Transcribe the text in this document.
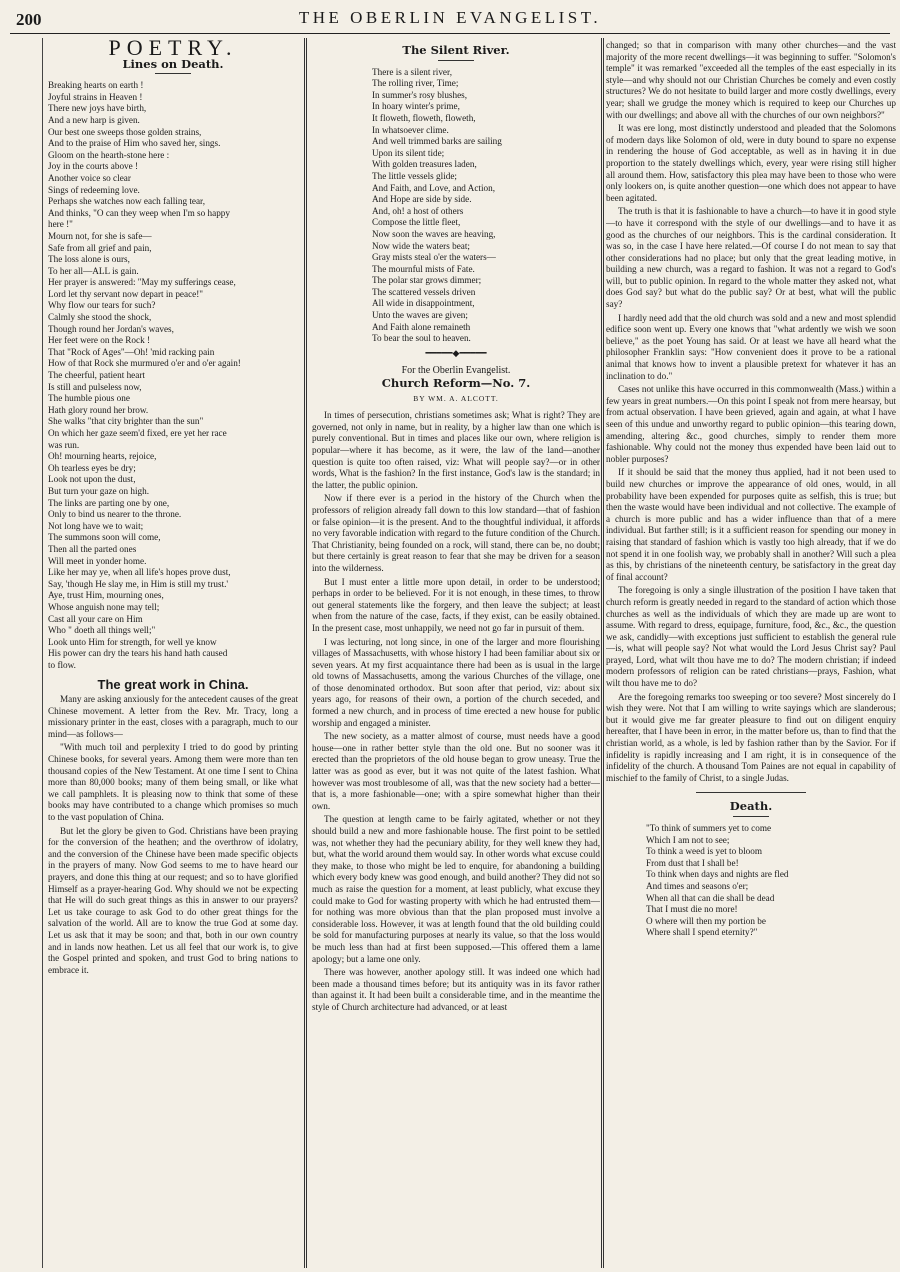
200	THE OBERLIN EVANGELIST.
POETRY.
Lines on Death.

Breaking hearts on earth !
Joyful strains in Heaven !
There new joys have birth,
And a new harp is given.
Our best one sweeps those golden strains,
And to the praise of Him who saved her, sings.

Gloom on the hearth-stone here :
Joy in the courts above !
Another voice so clear
Sings of redeeming love.
Perhaps she watches now each falling tear,
And thinks, "O can they weep when I'm so happy
here !"

Mourn not, for she is safe—
Safe from all grief and pain,
The loss alone is ours,
To her all—ALL is gain.
Her prayer is answered: "May my sufferings cease,
Lord let thy servant now depart in peace!"

Why flow our tears for such?
Calmly she stood the shock,
Though round her Jordan's waves,
Her feet were on the Rock !
That "Rock of Ages"—Oh! 'mid racking pain
How of that Rock she murmured o'er and o'er again!

The cheerful, patient heart
Is still and pulseless now,
The humble pious one
Hath glory round her brow.
She walks "that city brighter than the sun"
On which her gaze seem'd fixed, ere yet her race
was run.

Oh! mourning hearts, rejoice,
Oh tearless eyes be dry;
Look not upon the dust,
But turn your gaze on high.
The links are parting one by one,
Only to bind us nearer to the throne.

Not long have we to wait;
The summons soon will come,
Then all the parted ones
Will meet in yonder home.
Like her may ye, when all life's hopes prove dust,
Say, 'though He slay me, in Him is still my trust.'

Aye, trust Him, mourning ones,
Whose anguish none may tell;
Cast all your care on Him
Who " doeth all things well;"
Look unto Him for strength, for well ye know
His power can dry the tears his hand hath caused
to flow.

The great work in China.

Many are asking anxiously for the antecedent causes of the great Chinese movement. A letter from the Rev. Mr. Tracy, long a missionary printer in the east, closes with a paragraph, much to our mind—as follows—

"With much toil and perplexity I tried to do good by printing Chinese books, for several years. Among them were more than ten thousand copies of the New Testament. At one time I sent to China more than 80,000 books; many of them being small, or like what we call pamphlets. It is pleasing now to think that some of these books may have contributed to a change which promises so much to the vast population of China.

But let the glory be given to God. Christians have been praying for the conversion of the heathen; and the overthrow of idolatry, and the conversion of the Chinese have been made specific objects in the prayers of many. Now God seems to me to have heard our prayers, and done this thing at our request; and so to have glorified Himself as a prayer-hearing God. Why should we not be expecting that He will do such great things as this in answer to our prayers? Let us take courage to ask God to do other great things for the salvation of the world. All are to know the true God at some day. Let us ask that it may be soon; and that, both in our own country and in lands now heathen. Let us all feel that our work is, to give the Gospel printed and spoken, and trust God to bring nations to embrace it.

The Silent River.

There is a silent river,
The rolling river, Time;
In summer's rosy blushes,
In hoary winter's prime,
It floweth, floweth, floweth,
In whatsoever clime.

And well trimmed barks are sailing
Upon its silent tide;
With golden treasures laden,
The little vessels glide;
And Faith, and Love, and Action,
And Hope are side by side.

And, oh! a host of others
Compose the little fleet,
Now soon the waves are heaving,
Now wide the waters beat;
Gray mists steal o'er the waters—
The mournful mists of Fate.

The polar star grows dimmer;
The scattered vessels driven
All wide in disappointment,
Unto the waves are given;
And Faith alone remaineth
To bear the soul to heaven.

━━━━━◆━━━━━
For the Oberlin Evangelist.
Church Reform—No. 7.
BY WM. A. ALCOTT.

In times of persecution, christians sometimes ask; What is right? They are governed, not only in name, but in reality, by a higher law than one which is purely conventional. But in times and places like our own, where religion is popular—where it has become, as it were, the law of the land—another question is quite too often raised, viz: What will people say?—or in other words, What is the fashion? In the first instance, God's law is the standard; in the latter, the public opinion.

Now if there ever is a period in the history of the Church when the professors of religion already fall down to this low standard—that of fashion or false opinion—it is the present. And to the thoughtful individual, it affords no very favorable indication with regard to the future condition of the Church. That Christianity, being founded on a rock, will stand, there can be, no doubt; but there certainly is great reason to fear that she may be driven for a season into the wilderness.

But I must enter a little more upon detail, in order to be understood; perhaps in order to be believed. For it is not enough, in these times, to throw out general statements like the forgery, and then leave the subject; at least when from the nature of the case, facts, if they exist, can be easily obtained. In the present case, most unhappily, we need not go far in pursuit of them.

I was lecturing, not long since, in one of the larger and more flourishing villages of Massachusetts, with whose history I had been familiar about six or seven years. At my first acquaintance there had been as is usual in the large old towns of Massachusetts, among the various Churches of the village, one of those denominated orthodox. But soon after that period, viz: about six years ago, for reasons of their own, a portion of the church seceded, and formed a new church, and in process of time erected a new house for public worship and engaged a minister.

The new society, as a matter almost of course, must needs have a good house—one in rather better style than the old one. But no sooner was it erected than the proprietors of the old house began to grow uneasy. True the latter was as good as ever, but it was not quite of the latest fashion. What however was most troublesome of all, was that the new society had a better—that is, a more fashionable—one; with a spire somewhat higher than their own.

The question at length came to be fairly agitated, whether or not they should build a new and more fashionable house. The first point to be settled was, not whether they had the pecuniary ability, for they well knew they had, but, what the world around them would say. In other words what excuse could they make, to those who might be led to enquire, for abandoning a building which every body knew was good enough, and build another? They did not so much as raise the question for a moment, at least publicly, what excuse they could make to God for wasting property with which he had entrusted them—for nothing was more obvious than that the plan proposed must involve a considerable loss. However, it was at length found that the old building could be sold for manufacturing purposes at nearly its value, so that the loss would be much less than had at first been supposed.—This offered them a lame apology; but a lame one only.

There was however, another apology still. It was indeed one which had been made a thousand times before; but its antiquity was in its favor rather than against it. It had been built a considerable time, and in the meantime the style of Church architecture had advanced, or at least

changed; so that in comparison with many other churches—and the vast majority of the more recent dwellings—it was beginning to suffer. "Solomon's temple" it was remarked "exceeded all the temples of the east especially in its style—and why should not our Christian Churches be comely and even costly structures? We do not hesitate to build larger and more costly dwellings, every year; shall we grudge the money which is required to keep our Churches up with our dwellings; and above all with the churches of our own neighbors?"

It was ere long, most distinctly understood and pleaded that the Solomons of modern days like Solomon of old, were in duty bound to spare no expense in rendering the house of God acceptable, as well as in having it in due proportion to the stately dwellings which, every, year were rising still higher all around them. How, satisfactory this plea may have been to those who were only lookers on, is quite another question—one which does not appear to have been agitated.

The truth is that it is fashionable to have a church—to have it in good style—to have it correspond with the style of our dwellings—and to have it as good as the churches of our neighbors. This is the cardinal consideration. It was so, in the case I have here related.—Of course I do not mean to say that other considerations had no place; but only that the great leading motive, in building a new church, was a regard to fashion. It was not a regard to God's will, but to public opinion. In regard to the whole matter they asked not, what does God say? but what do the public say? Or at best, what will the public say?

I hardly need add that the old church was sold and a new and most splendid edifice soon went up. Every one knows that "what ardently we wish we soon believe," as the poet Young has said. Or at least we have all heard what the philosopher Franklin says: "How convenient does it prove to be a rational animal that knows how to invent a plausible pretext for whatever it has an inclination to do."

Cases not unlike this have occurred in this commonwealth (Mass.) within a few years in great numbers.—On this point I speak not from mere hearsay, but from actual observation. I have been grieved, again and again, at what I have seen of this undue and unworthy regard to public opinion—this tearing down, amending, altering &c., good churches, simply to render them more fashionable. Why could not the money thus expended have been laid out to nobler purposes?

If it should be said that the money thus applied, had it not been used to build new churches or improve the appearance of old ones, would, in all probability have been expended for purposes quite as selfish, this is true; but then the waste would have been individual and not collective. The example of a church is more public and has a wider influence than that of a mere individual. But farther still; is it a sufficient reason for spending our money in raising that standard of fashion which is vastly too high already, that if we do not spend it in one foolish way, we probably shall in another? Will such a plea as this, by christians of the nineteenth century, be satisfactory in the great day of final account?

The foregoing is only a single illustration of the position I have taken that church reform is greatly needed in regard to the standard of action which those churches as well as the individuals of which they are made up are wont to assume. With regard to dress, equipage, furniture, food, &c., &c., the question we ask, candidly—with exceptions just sufficient to establish the general rule—is, what will people say? Not what would the Lord Jesus Christ say? Paul prayed, Lord, what wilt thou have me to do? The modern christian; if indeed modern professors of religion can be rated christians—prays, Fashion, what wilt thou have me to do?

Are the foregoing remarks too sweeping or too severe? Most sincerely do I wish they were. Not that I am willing to write sayings which are slanderous; but it would give me far greater pleasure to find out on diligent enquiry hereafter, that I have been in error, in the matter before us, than to find that the christian world, as a whole, is led by fashion rather than by the Savior. For if infidelity is rapidly increasing and I am right, it is in consequence of the infidelity of the church. A thousand Tom Paines are not equal in capability of mischief to the family of Christ, to a single Judas.

Death.

"To think of summers yet to come
Which I am not to see;
To think a weed is yet to bloom
From dust that I shall be!

To think when days and nights are fled
And times and seasons o'er;
When all that can die shall be dead
That I must die no more!
O where will then my portion be
Where shall I spend eternity?"
